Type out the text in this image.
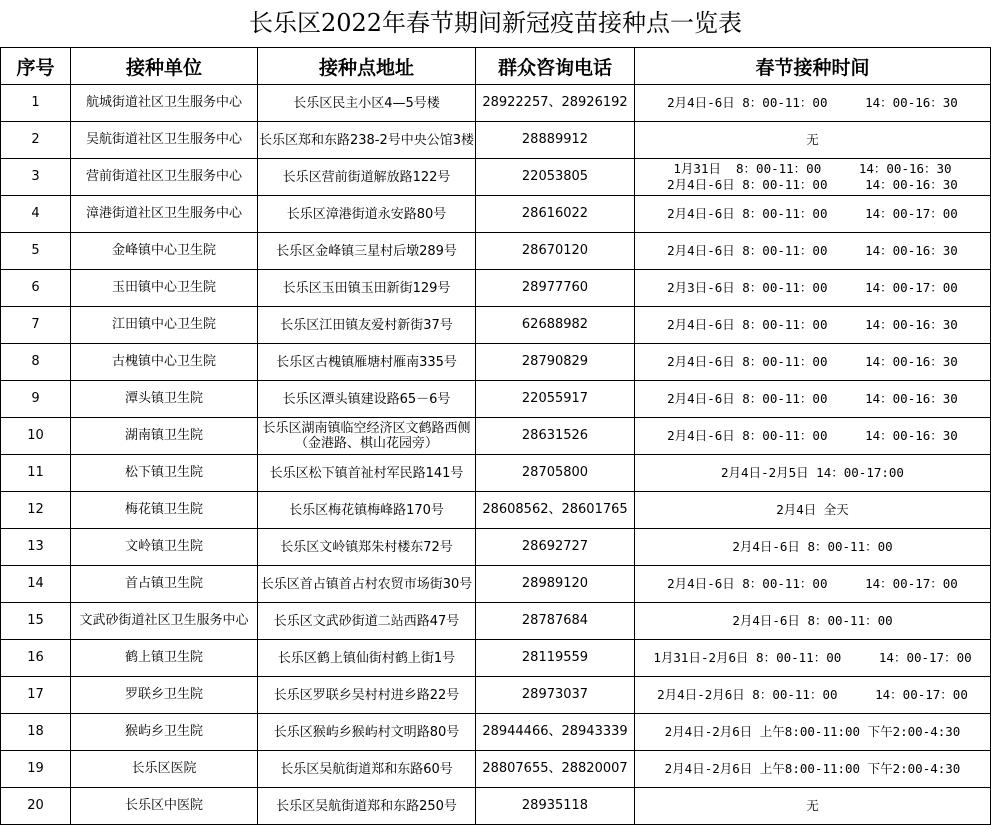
长乐区2022年春节期间新冠疫苗接种点一览表
序号	接种单位	接种点地址	群众咨询电话	春节接种时间
1	航城街道社区卫生服务中心	长乐区民主小区4—5号楼	28922257、28926192	2月4日-6日 8：00-11：00     14：00-16：30
2	吴航街道社区卫生服务中心	长乐区郑和东路238-2号中央公馆3楼	28889912	无
3	营前街道社区卫生服务中心	长乐区营前街道解放路122号	22053805	1月31日  8：00-11：00     14：00-16：30
2月4日-6日 8：00-11：00     14：00-16：30
4	漳港街道社区卫生服务中心	长乐区漳港街道永安路80号	28616022	2月4日-6日 8：00-11：00     14：00-17：00
5	金峰镇中心卫生院	长乐区金峰镇三星村后墩289号	28670120	2月4日-6日 8：00-11：00     14：00-16：30
6	玉田镇中心卫生院	长乐区玉田镇玉田新街129号	28977760	2月3日-6日 8：00-11：00     14：00-17：00
7	江田镇中心卫生院	长乐区江田镇友爱村新街37号	62688982	2月4日-6日 8：00-11：00     14：00-16：30
8	古槐镇中心卫生院	长乐区古槐镇雁塘村雁南335号	28790829	2月4日-6日 8：00-11：00     14：00-16：30
9	潭头镇卫生院	长乐区潭头镇建设路65－6号	22055917	2月4日-6日 8：00-11：00     14：00-16：30
10	湖南镇卫生院	长乐区湖南镇临空经济区文鹤路西侧（金港路、棋山花园旁）	28631526	2月4日-6日 8：00-11：00     14：00-16：30
11	松下镇卫生院	长乐区松下镇首祉村军民路141号	28705800	2月4日-2月5日 14：00-17:00
12	梅花镇卫生院	长乐区梅花镇梅峰路170号	28608562、28601765	2月4日 全天
13	文岭镇卫生院	长乐区文岭镇郑朱村楼东72号	28692727	2月4日-6日 8：00-11：00
14	首占镇卫生院	长乐区首占镇首占村农贸市场街30号	28989120	2月4日-6日 8：00-11：00     14：00-17：00
15	文武砂街道社区卫生服务中心	长乐区文武砂街道二站西路47号	28787684	2月4日-6日 8：00-11：00
16	鹤上镇卫生院	长乐区鹤上镇仙街村鹤上街1号	28119559	1月31日-2月6日 8：00-11：00     14：00-17：00
17	罗联乡卫生院	长乐区罗联乡吴村村进乡路22号	28973037	2月4日-2月6日 8：00-11：00     14：00-17：00
18	猴屿乡卫生院	长乐区猴屿乡猴屿村文明路80号	28944466、28943339	2月4日-2月6日 上午8:00-11:00 下午2:00-4:30
19	长乐区医院	长乐区吴航街道郑和东路60号	28807655、28820007	2月4日-2月6日 上午8:00-11:00 下午2:00-4:30
20	长乐区中医院	长乐区吴航街道郑和东路250号	28935118	无
